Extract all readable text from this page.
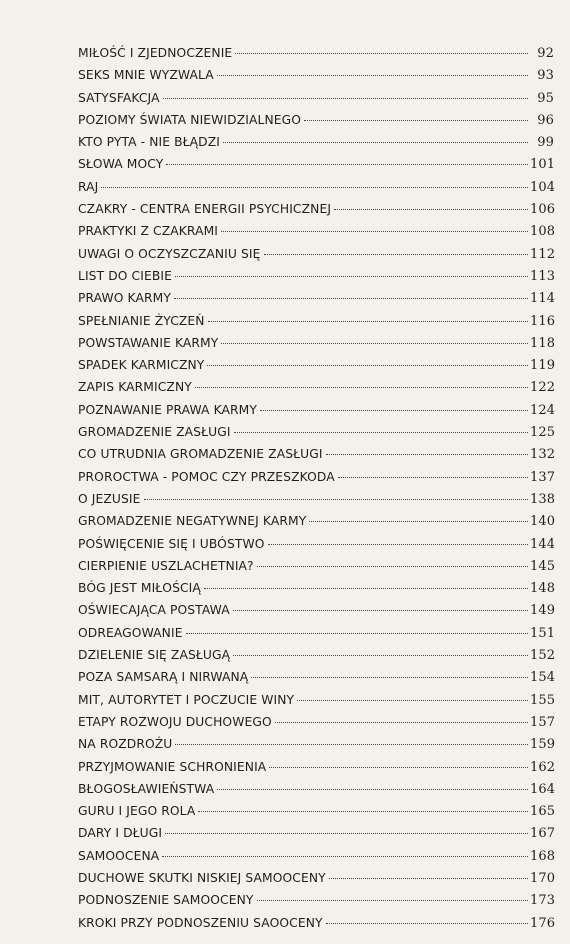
MIŁOŚĆ I ZJEDNOCZENIE	92
SEKS MNIE WYZWALA	93
SATYSFAKCJA	95
POZIOMY ŚWIATA NIEWIDZIALNEGO	96
KTO PYTA - NIE BŁĄDZI	99
SŁOWA MOCY	101
RAJ	104
CZAKRY - CENTRA ENERGII PSYCHICZNEJ	106
PRAKTYKI Z CZAKRAMI	108
UWAGI O OCZYSZCZANIU SIĘ	112
LIST DO CIEBIE	113
PRAWO KARMY	114
SPEŁNIANIE ŻYCZEŃ	116
POWSTAWANIE KARMY	118
SPADEK KARMICZNY	119
ZAPIS KARMICZNY	122
POZNAWANIE PRAWA KARMY	124
GROMADZENIE ZASŁUGI	125
CO UTRUDNIA GROMADZENIE ZASŁUGI	132
PROROCTWA - POMOC CZY PRZESZKODA	137
O JEZUSIE	138
GROMADZENIE NEGATYWNEJ KARMY	140
POŚWIĘCENIE SIĘ I UBÓSTWO	144
CIERPIENIE USZLACHETNIA?	145
BÓG JEST MIŁOŚCIĄ	148
OŚWIECAJĄCA POSTAWA	149
ODREAGOWANIE	151
DZIELENIE SIĘ ZASŁUGĄ	152
POZA SAMSARĄ I NIRWANĄ	154
MIT, AUTORYTET I POCZUCIE WINY	155
ETAPY ROZWOJU DUCHOWEGO	157
NA ROZDROŻU	159
PRZYJMOWANIE SCHRONIENIA	162
BŁOGOSŁAWIEŃSTWA	164
GURU I JEGO ROLA	165
DARY I DŁUGI	167
SAMOOCENA	168
DUCHOWE SKUTKI NISKIEJ SAMOOCENY	170
PODNOSZENIE SAMOOCENY	173
KROKI PRZY PODNOSZENIU SAOOCENY	176
